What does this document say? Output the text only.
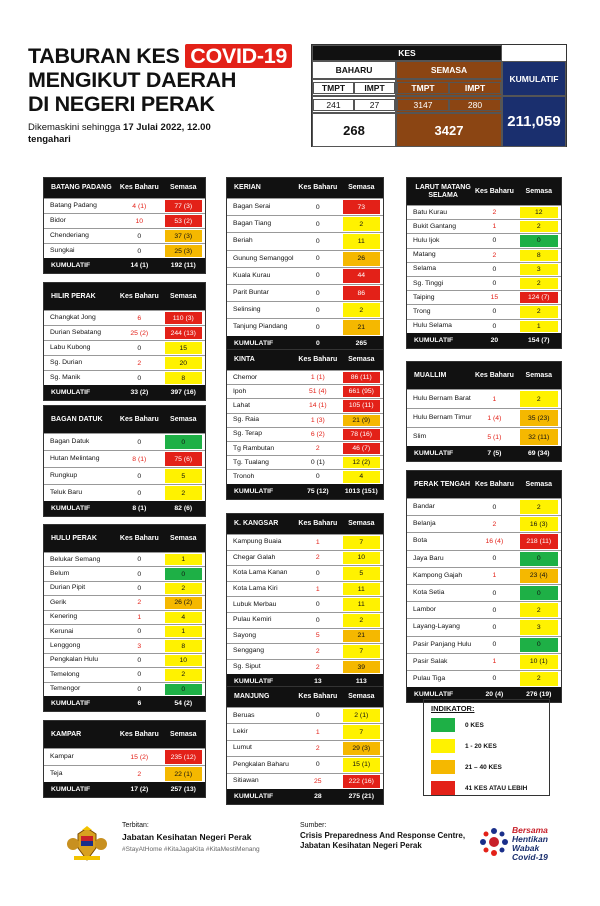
TABURAN KES COVID-19
MENGIKUT DAERAH
DI NEGERI PERAK
Dikemaskini sehingga 17 Julai 2022, 12.00
tengahari
KES
BAHARU	SEMASA
KUMULATIF
TMPT	IMPT	TMPT	IMPT
241	27	3147	280
211,059
268	3427
BATANG PADANG	Kes Baharu	Semasa
Batang Padang	4 (1)	77 (3)
Bidor	10	53 (2)
Chenderiang	0	37 (3)
Sungkai	0	25 (3)
KUMULATIF	14 (1)	192 (11)
HILIR PERAK	Kes Baharu	Semasa
Changkat Jong	6	110 (3)
Durian Sebatang	25 (2)	244 (13)
Labu Kubong	0	15
Sg. Durian	2	20
Sg. Manik	0	8
KUMULATIF	33 (2)	397 (16)
BAGAN DATUK	Kes Baharu	Semasa
Bagan Datuk	0	0
Hutan Melintang	8 (1)	75 (6)
Rungkup	0	5
Teluk Baru	0	2
KUMULATIF	8 (1)	82 (6)
HULU PERAK	Kes Baharu	Semasa
Belukar Semang	0	1
Belum	0	0
Durian Pipit	0	2
Gerik	2	26 (2)
Kenering	1	4
Kerunai	0	1
Lenggong	3	8
Pengkalan Hulu	0	10
Temelong	0	2
Temengor	0	0
KUMULATIF	6	54 (2)
KAMPAR	Kes Baharu	Semasa
Kampar	15 (2)	235 (12)
Teja	2	22 (1)
KUMULATIF	17 (2)	257 (13)
KERIAN	Kes Baharu	Semasa
Bagan Serai	0	73
Bagan Tiang	0	2
Beriah	0	11
Gunung Semanggol	0	26
Kuala Kurau	0	44
Parit Buntar	0	86
Selinsing	0	2
Tanjung Piandang	0	21
KUMULATIF	0	265
KINTA	Kes Baharu	Semasa
Chemor	1 (1)	86 (11)
Ipoh	51 (4)	661 (95)
Lahat	14 (1)	105 (11)
Sg. Raia	1 (3)	21 (9)
Sg. Terap	6 (2)	78 (16)
Tg Rambutan	2	46 (7)
Tg. Tualang	0 (1)	12 (2)
Tronoh	0	4
KUMULATIF	75 (12)	1013 (151)
K. KANGSAR	Kes Baharu	Semasa
Kampung Buaia	1	7
Chegar Galah	2	10
Kota Lama Kanan	0	5
Kota Lama Kiri	1	11
Lubuk Merbau	0	11
Pulau Kemiri	0	2
Sayong	5	21
Senggang	2	7
Sg. Siput	2	39
KUMULATIF	13	113
MANJUNG	Kes Baharu	Semasa
Beruas	0	2 (1)
Lekir	1	7
Lumut	2	29 (3)
Pengkalan Baharu	0	15 (1)
Sitiawan	25	222 (16)
KUMULATIF	28	275 (21)
LARUT MATANG SELAMA
Kes Baharu	Semasa
Batu Kurau	2	12
Bukit Gantang	1	2
Hulu Ijok	0	0
Matang	2	8
Selama	0	3
Sg. Tinggi	0	2
Taiping	15	124 (7)
Trong	0	2
Hulu Selama	0	1
KUMULATIF	20	154 (7)
MUALLIM	Kes Baharu	Semasa
Hulu Bernam Barat	1	2
Hulu Bernam Timur 1 (4)	35 (23)
Slim	5 (1)	32 (11)
KUMULATIF	7 (5)	69 (34)
PERAK TENGAH Kes Baharu	Semasa
Bandar	0	2
Belanja	2	16 (3)
Bota	16 (4)	218 (11)
Jaya Baru	0	0
Kampong Gajah	1	23 (4)
Kota Setia	0	0
Lambor	0	2
Layang-Layang	0	3
Pasir Panjang Hulu	0	0
Pasir Salak	1	10 (1)
Pulau Tiga	0	2
KUMULATIF	20 (4)	276 (19)
INDIKATOR:
0 KES
1 - 20 KES
21 – 40 KES
41 KES ATAU LEBIH
Terbitan:
Jabatan Kesihatan Negeri Perak
#StayAtHome #KitaJagaKita #KitaMestiMenang
Sumber:
Crisis Preparedness And Response Centre,
Jabatan Kesihatan Negeri Perak
Bersama
Hentikan
Wabak
Covid-19
